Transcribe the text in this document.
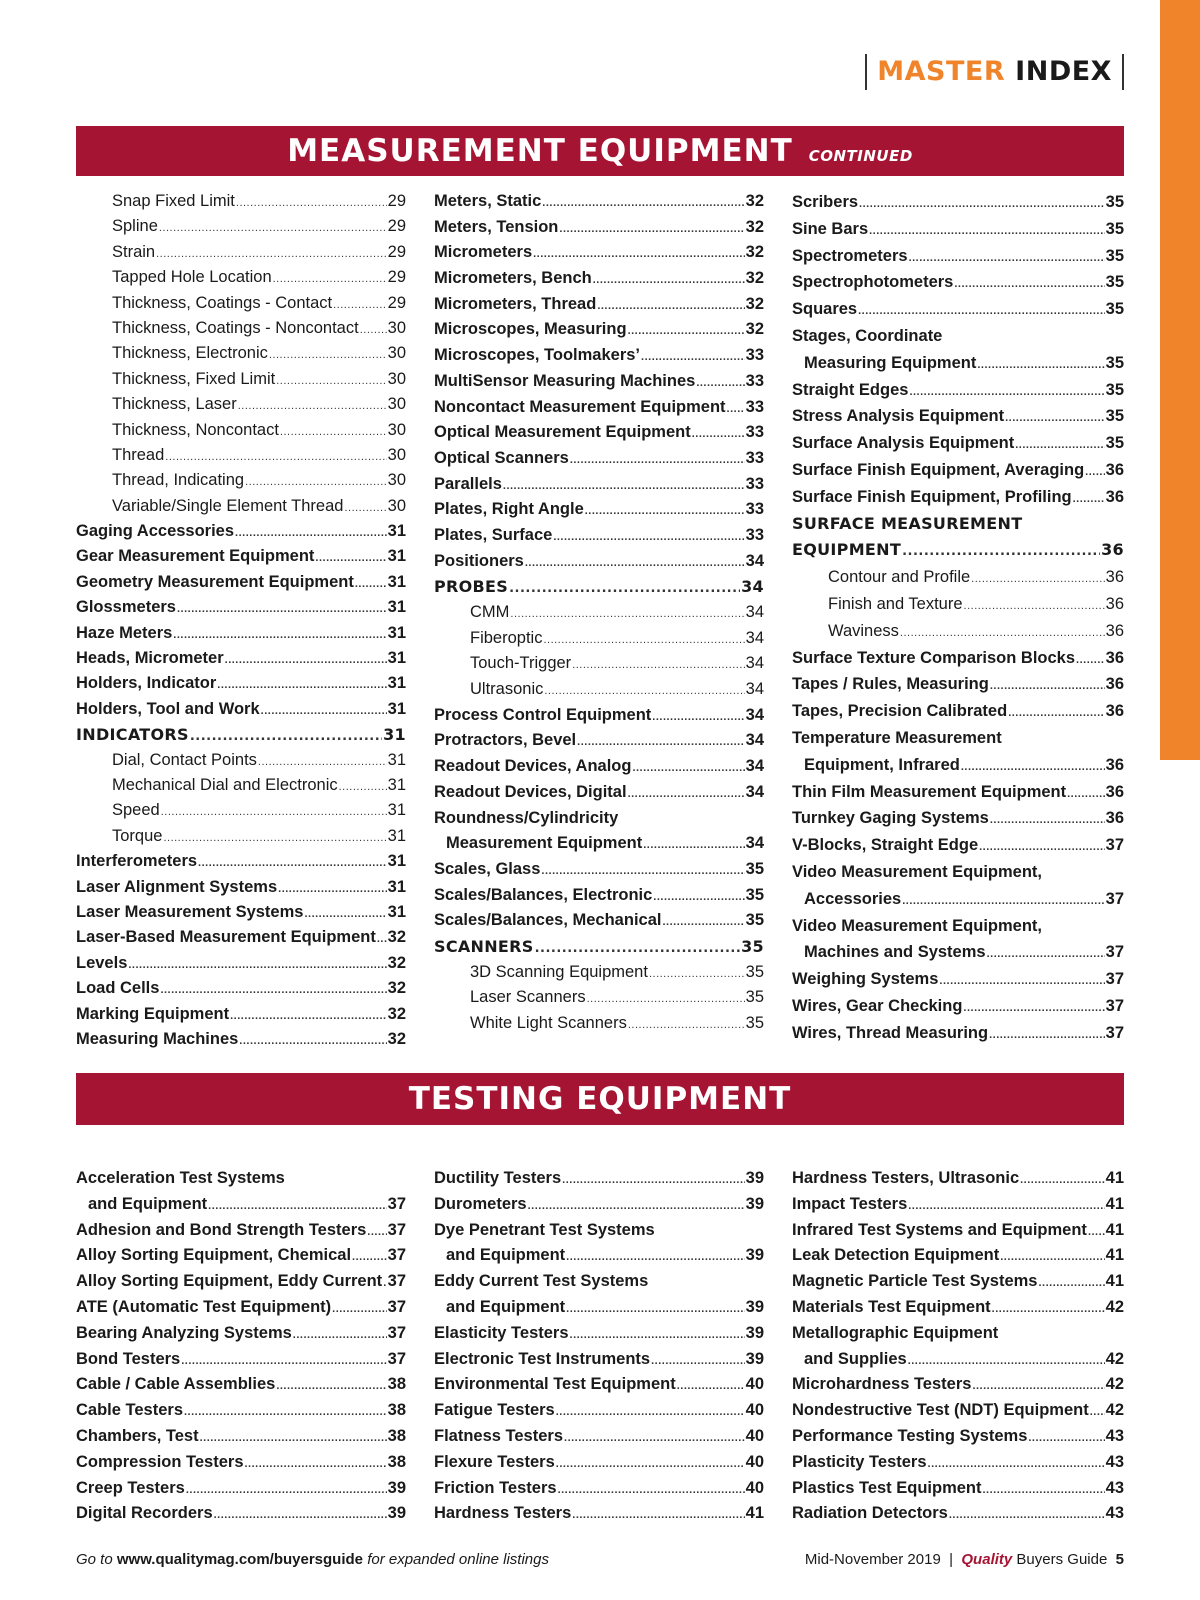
MASTER INDEX
MEASUREMENT EQUIPMENT CONTINUED
Snap Fixed Limit .....	29
Spline .....	29
Strain .....	29
Tapped Hole Location .....	29
Thickness, Coatings - Contact .....	29
Thickness, Coatings - Noncontact ..... 30
Thickness, Electronic .....	30
Thickness, Fixed Limit .....	30
Thickness, Laser .....	30
Thickness, Noncontact .....	30
Thread .....	30
Thread, Indicating .....	30
Variable/Single Element Thread .....	30
Gaging Accessories .....	31
Gear Measurement Equipment .....	31
Geometry Measurement Equipment ..... 31
Glossmeters .....	31
Haze Meters .....	31
Heads, Micrometer .....	31
Holders, Indicator .....	31
Holders, Tool and Work .....	31
INDICATORS .....	31
Dial, Contact Points .....	31
Mechanical Dial and Electronic .....	31
Speed .....	31
Torque .....	31
Interferometers .....	31
Laser Alignment Systems .....	31
Laser Measurement Systems .....	31
Laser-Based Measurement Equipment ..... 32
Levels .....	32
Load Cells .....	32
Marking Equipment .....	32
Measuring Machines .....	32
Meters, Static .....	32
Meters, Tension .....	32
Micrometers .....	32
Micrometers, Bench .....	32
Micrometers, Thread .....	32
Microscopes, Measuring .....	32
Microscopes, Toolmakers’ .....	33
MultiSensor Measuring Machines .....	33
Noncontact Measurement Equipment ..... 33
Optical Measurement Equipment .....	33
Optical Scanners .....	33
Parallels .....	33
Plates, Right Angle .....	33
Plates, Surface .....	33
Positioners .....	34
PROBES .....	34
CMM .....	34
Fiberoptic .....	34
Touch-Trigger .....	34
Ultrasonic .....	34
Process Control Equipment .....	34
Protractors, Bevel .....	34
Readout Devices, Analog .....	34
Readout Devices, Digital .....	34
Roundness/Cylindricity
Measurement Equipment .....	34
Scales, Glass .....	35
Scales/Balances, Electronic .....	35
Scales/Balances, Mechanical .....	35
SCANNERS .....	35
3D Scanning Equipment .....	35
Laser Scanners .....	35
White Light Scanners .....	35
Scribers .....	35
Sine Bars .....	35
Spectrometers .....	35
Spectrophotometers .....	35
Squares .....	35
Stages, Coordinate
Measuring Equipment .....	35
Straight Edges .....	35
Stress Analysis Equipment .....	35
Surface Analysis Equipment .....	35
Surface Finish Equipment, Averaging ..... 36
Surface Finish Equipment, Profiling ..... 36
SURFACE MEASUREMENT
EQUIPMENT .....	36
Contour and Profile .....	36
Finish and Texture .....	36
Waviness .....	36
Surface Texture Comparison Blocks ..... 36
Tapes / Rules, Measuring .....	36
Tapes, Precision Calibrated .....	36
Temperature Measurement
Equipment, Infrared .....	36
Thin Film Measurement Equipment ..... 36
Turnkey Gaging Systems .....	36
V-Blocks, Straight Edge .....	37
Video Measurement Equipment,
Accessories .....	37
Video Measurement Equipment,
Machines and Systems .....	37
Weighing Systems .....	37
Wires, Gear Checking .....	37
Wires, Thread Measuring .....	37
TESTING EQUIPMENT
Acceleration Test Systems
and Equipment .....	37
Adhesion and Bond Strength Testers ..... 37
Alloy Sorting Equipment, Chemical ..... 37
Alloy Sorting Equipment, Eddy Current ..... 37
ATE (Automatic Test Equipment) .....	37
Bearing Analyzing Systems .....	37
Bond Testers .....	37
Cable / Cable Assemblies .....	38
Cable Testers .....	38
Chambers, Test .....	38
Compression Testers .....	38
Creep Testers .....	39
Digital Recorders .....	39
Ductility Testers .....	39
Durometers .....	39
Dye Penetrant Test Systems
and Equipment .....	39
Eddy Current Test Systems
and Equipment .....	39
Elasticity Testers .....	39
Electronic Test Instruments .....	39
Environmental Test Equipment .....	40
Fatigue Testers .....	40
Flatness Testers .....	40
Flexure Testers .....	40
Friction Testers .....	40
Hardness Testers .....	41
Hardness Testers, Ultrasonic .....	41
Impact Testers .....	41
Infrared Test Systems and Equipment ..... 41
Leak Detection Equipment .....	41
Magnetic Particle Test Systems .....	41
Materials Test Equipment .....	42
Metallographic Equipment
and Supplies .....	42
Microhardness Testers .....	42
Nondestructive Test (NDT) Equipment ..... 42
Performance Testing Systems .....	43
Plasticity Testers .....	43
Plastics Test Equipment .....	43
Radiation Detectors .....	43
Go to www.qualitymag.com/buyersguide for expanded online listings	Mid-November 2019 | Quality Buyers Guide 5
